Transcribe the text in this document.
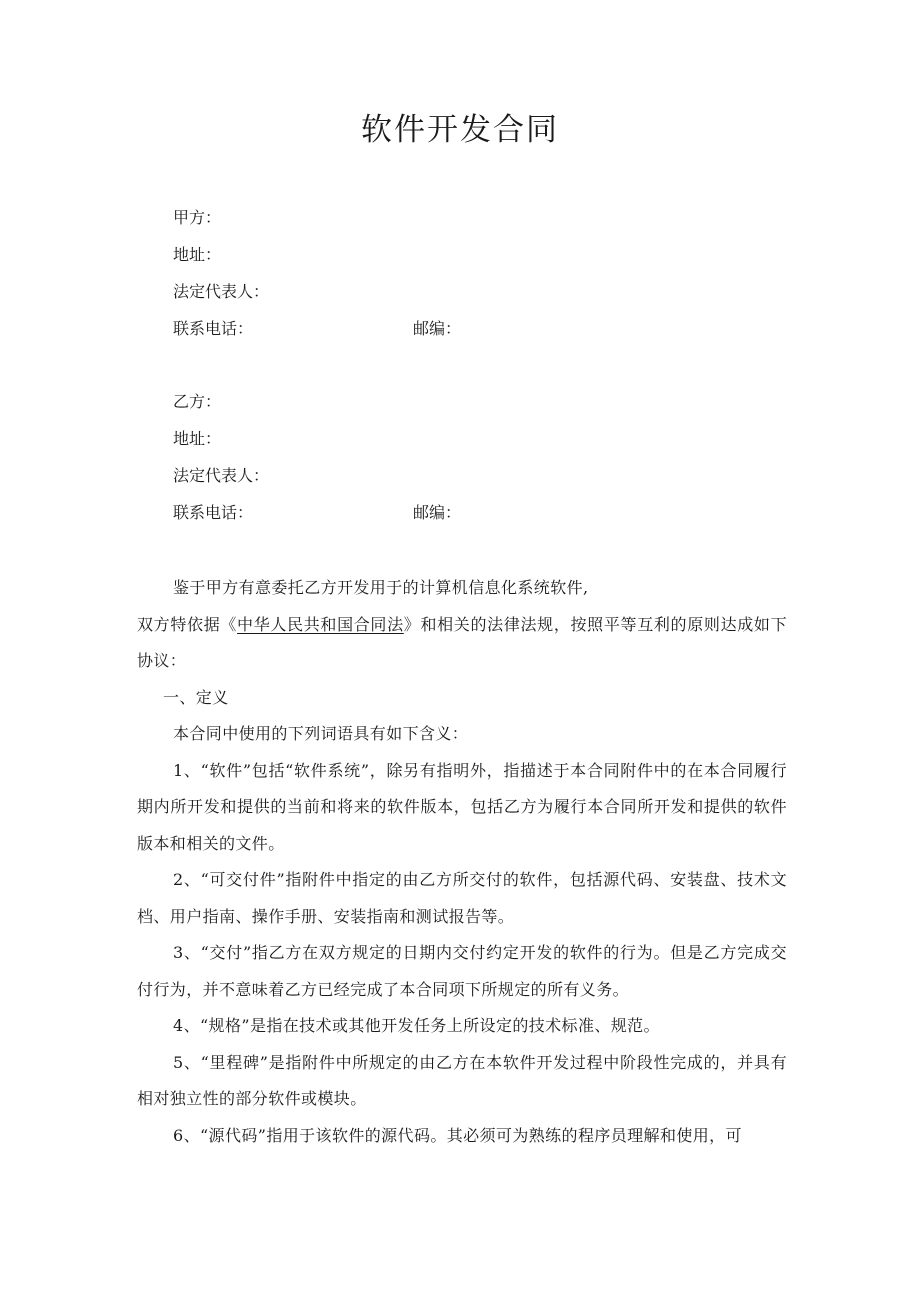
软件开发合同
甲方：
地址：
法定代表人：
联系电话：	邮编：
乙方：
地址：
法定代表人：
联系电话：	邮编：

鉴于甲方有意委托乙方开发用于的计算机信息化系统软件,

双方特依据《中华人民共和国合同法》和相关的法律法规，按照平等互利的原则达成如下协议：

一、定义

本合同中使用的下列词语具有如下含义：

1、“软件”包括“软件系统”，除另有指明外，指描述于本合同附件中的在本合同履行期内所开发和提供的当前和将来的软件版本，包括乙方为履行本合同所开发和提供的软件版本和相关的文件。

2、“可交付件”指附件中指定的由乙方所交付的软件，包括源代码、安装盘、技术文档、用户指南、操作手册、安装指南和测试报告等。

3、“交付”指乙方在双方规定的日期内交付约定开发的软件的行为。但是乙方完成交付行为，并不意味着乙方已经完成了本合同项下所规定的所有义务。

4、“规格”是指在技术或其他开发任务上所设定的技术标准、规范。

5、“里程碑”是指附件中所规定的由乙方在本软件开发过程中阶段性完成的，并具有相对独立性的部分软件或模块。

6、“源代码”指用于该软件的源代码。其必须可为熟练的程序员理解和使用，可
